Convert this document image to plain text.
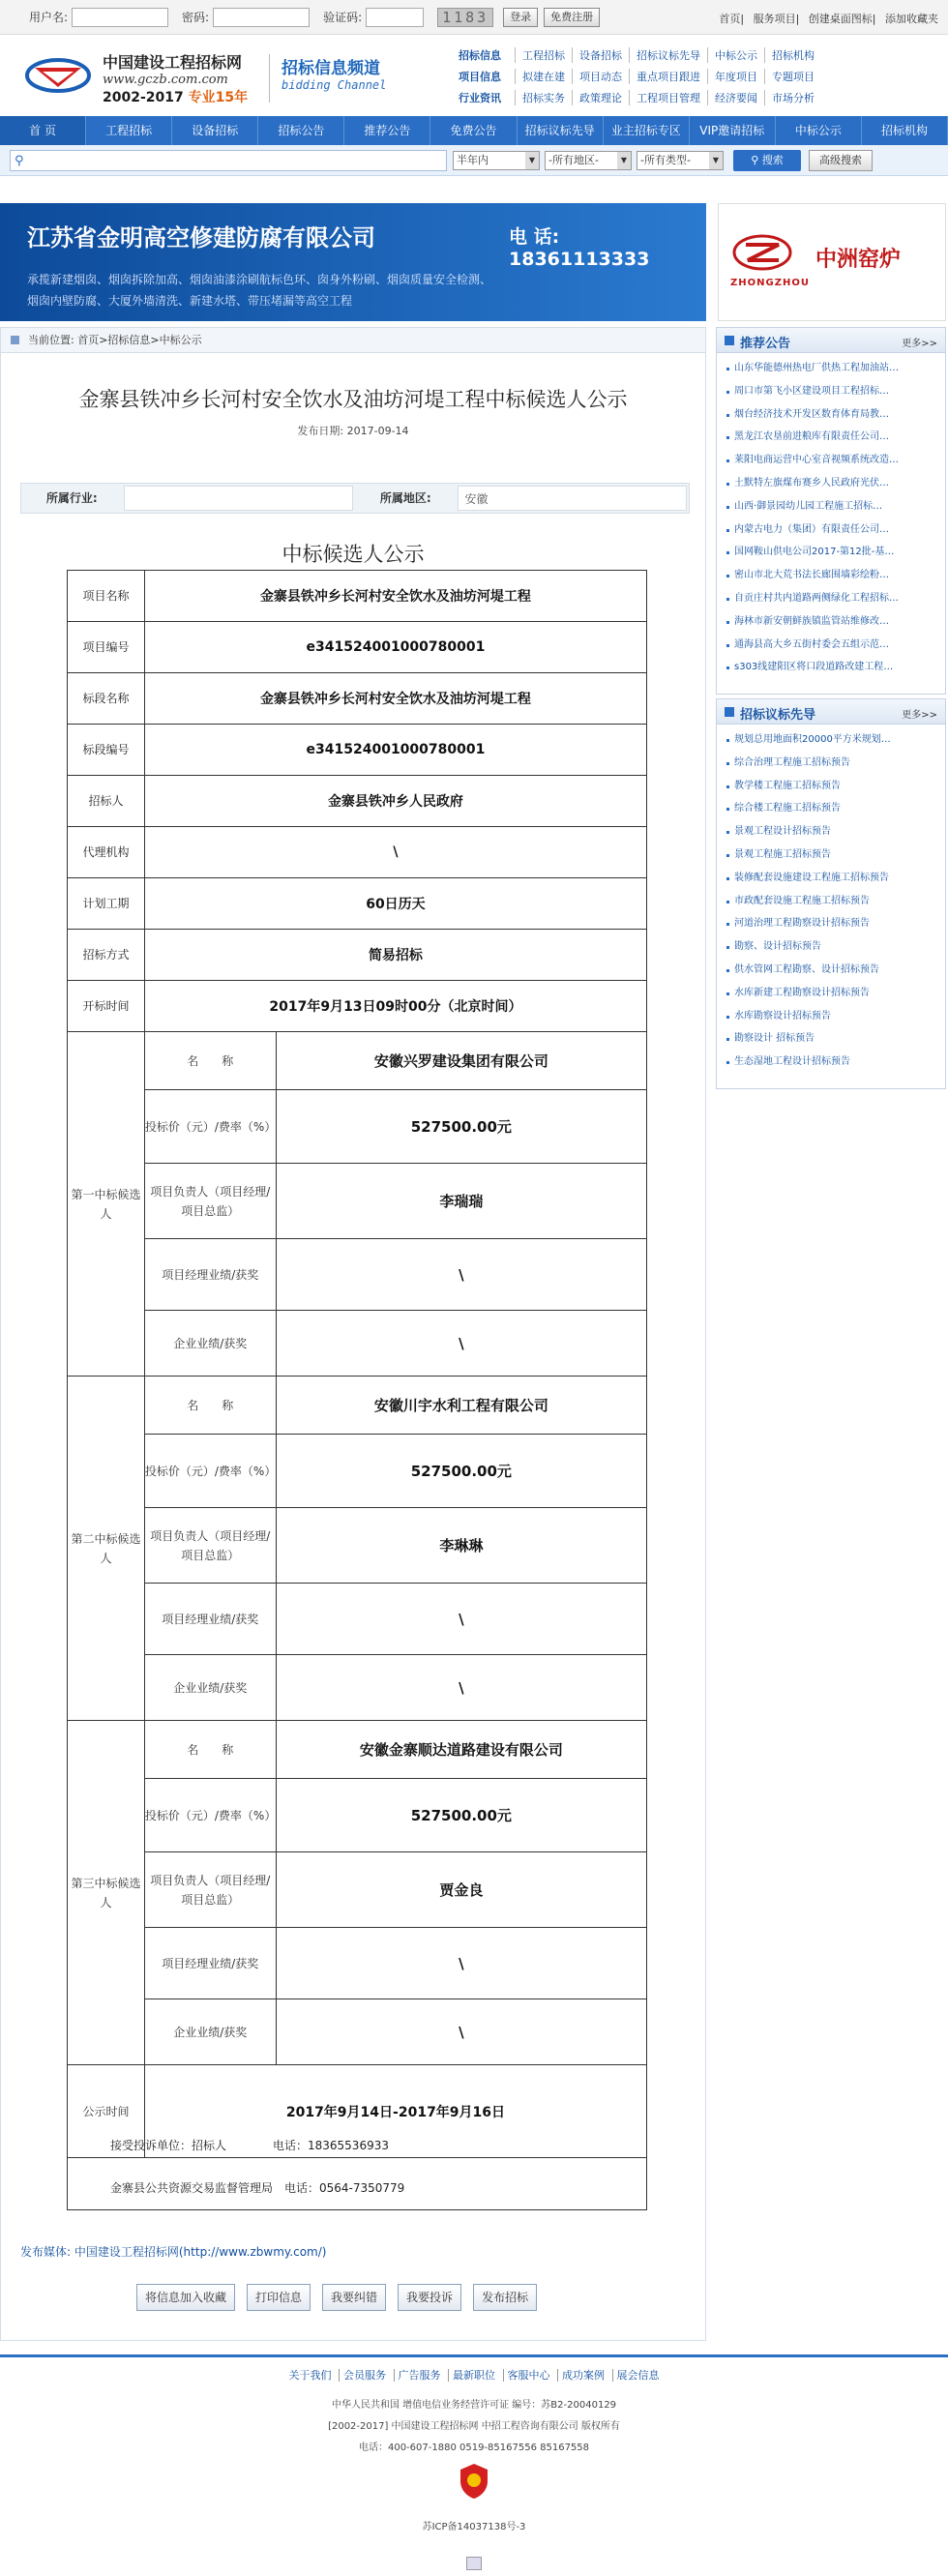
用户名:	密码:	验证码:	1183	登录	免费注册	首页| 服务项目| 创建桌面图标| 添加收藏夹
中国建设工程招标网
www.gczb.com.com
2002-2017 专业15年
招标信息频道
bidding Channel
招标信息	工程招标	设备招标	招标议标先导	中标公示	招标机构
项目信息	拟建在建	项目动态	重点项目跟进	年度项目	专题项目
行业资讯	招标实务	政策理论	工程项目管理	经济要闻	市场分析
首 页	工程招标	设备招标	招标公告	推荐公告	免费公告	招标议标先导	业主招标专区	VIP邀请招标	中标公示	招标机构
⚲	半年内	▼	-所有地区-	▼	-所有类型-	▼	⚲ 搜索	高级搜索
江苏省金明高空修建防腐有限公司	电 话: 18361113333
承揽新建烟囱、烟囱拆除加高、烟囱油漆涂刷航标色环、囱身外粉刷、烟囱质量安全检测、
烟囱内壁防腐、大厦外墙清洗、新建水塔、带压堵漏等高空工程
ZHONGZHOU
中洲窑炉
当前位置: 首页>招标信息>中标公示
金寨县铁冲乡长河村安全饮水及油坊河堤工程中标候选人公示
发布日期: 2017-09-14
所属行业:	所属地区:	安徽
中标候选人公示
项目名称	金寨县铁冲乡长河村安全饮水及油坊河堤工程	
项目编号	e341524001000780001	
标段名称	金寨县铁冲乡长河村安全饮水及油坊河堤工程	
标段编号	e341524001000780001	
招标人	金寨县铁冲乡人民政府	
代理机构	\	
计划工期	60日历天	
招标方式	简易招标	
开标时间	2017年9月13日09时00分（北京时间）	
第一中标候选人	名　　称	安徽兴罗建设集团有限公司
	投标价（元）/费率（%）	527500.00元
	项目负责人（项目经理/项目总监）	李瑞瑞
	项目经理业绩/获奖	\
	企业业绩/获奖	\
第二中标候选人	名　　称	安徽川宇水利工程有限公司
	投标价（元）/费率（%）	527500.00元
	项目负责人（项目经理/项目总监）	李琳琳
	项目经理业绩/获奖	\
	企业业绩/获奖	\
第三中标候选人	名　　称	安徽金寨顺达道路建设有限公司
	投标价（元）/费率（%）	527500.00元
	项目负责人（项目经理/项目总监）	贾金良
	项目经理业绩/获奖	\
	企业业绩/获奖	\
公示时间	2017年9月14日-2017年9月16日	
接受投诉单位：招标人　　　　电话：18365536933
金寨县公共资源交易监督管理局　电话：0564-7350779
发布媒体: 中国建设工程招标网(http://www.zbwmy.com/)
将信息加入收藏	打印信息	我要纠错	我要投诉	发布招标
推荐公告	更多>>
山东华能德州热电厂供热工程加油站…
周口市第飞小区建设项目工程招标…
烟台经济技术开发区数育体育局教…
黑龙江农垦前进粮库有限责任公司…
莱阳电商运营中心室音视频系统改造…
土默特左旗煤布赛乡人民政府光伏…
山西·御景园幼儿园工程施工招标…
内蒙古电力（集团）有限责任公司…
国网鞍山供电公司2017-第12批-基…
密山市北大荒书法长廊围墙彩绘粉…
自贡庄村共内道路两侧绿化工程招标…
海林市新安朝鲜族镇监管站维修改…
通海县高大乡五街村委会五组示范…
s303线建阳区将口段道路改建工程…
招标议标先导	更多>>
规划总用地面积20000平方米规划…
综合治理工程施工招标预告
教学楼工程施工招标预告
综合楼工程施工招标预告
景观工程设计招标预告
景观工程施工招标预告
装修配套设施建设工程施工招标预告
市政配套设施工程施工招标预告
河道治理工程勘察设计招标预告
勘察、设计招标预告
供水管网工程勘察、设计招标预告
水库新建工程勘察设计招标预告
水库勘察设计招标预告
勘察设计 招标预告
生态湿地工程设计招标预告
关于我们 会员服务 广告服务 最新职位 客服中心 成功案例 展会信息
中华人民共和国 增值电信业务经营许可证 编号：苏B2-20040129
[2002-2017] 中国建设工程招标网 中招工程咨询有限公司 版权所有
电话：400-607-1880 0519-85167556 85167558
苏ICP备14037138号-3
